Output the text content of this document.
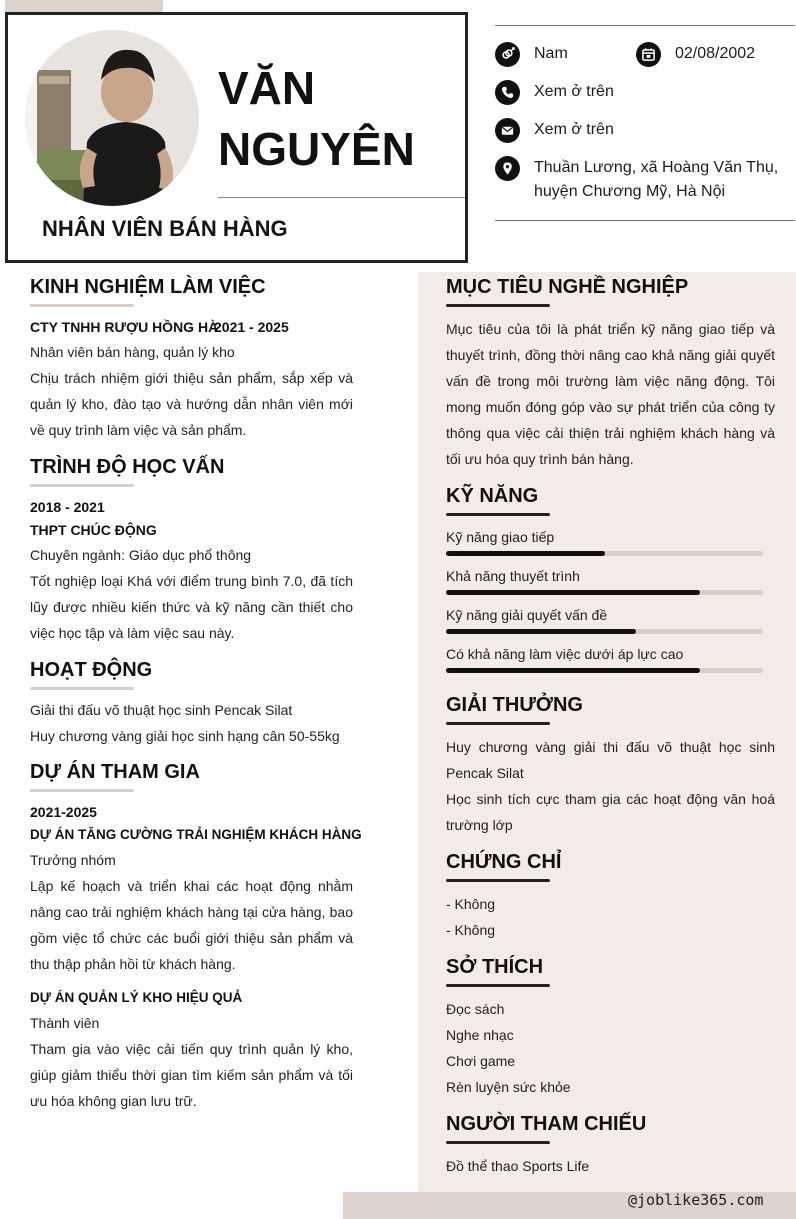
VĂN
NGUYÊN
NHÂN VIÊN BÁN HÀNG
Nam	02/08/2002
Xem ở trên
Xem ở trên
Thuần Lương, xã Hoàng Văn Thụ,
huyện Chương Mỹ, Hà Nội
KINH NGHIỆM LÀM VIỆC
CTY TNHH RƯỢU HỒNG HÀ
2021 - 2025
Nhân viên bán hàng, quản lý kho
Chịu trách nhiệm giới thiệu sản phẩm, sắp xếp và quản lý kho, đào tạo và hướng dẫn nhân viên mới về quy trình làm việc và sản phẩm.
TRÌNH ĐỘ HỌC VẤN
2018 - 2021
THPT CHÚC ĐỘNG
Chuyên ngành: Giáo dục phổ thông
Tốt nghiệp loại Khá với điểm trung bình 7.0, đã tích lũy được nhiều kiến thức và kỹ năng cần thiết cho việc học tập và làm việc sau này.
HOẠT ĐỘNG
Giải thi đấu võ thuật học sinh Pencak Silat
Huy chương vàng giải học sinh hạng cân 50-55kg
DỰ ÁN THAM GIA
2021-2025
DỰ ÁN TĂNG CƯỜNG TRẢI NGHIỆM KHÁCH HÀNG
Trưởng nhóm
Lập kế hoạch và triển khai các hoạt động nhằm nâng cao trải nghiệm khách hàng tại cửa hàng, bao gồm việc tổ chức các buổi giới thiệu sản phẩm và thu thập phản hồi từ khách hàng.
DỰ ÁN QUẢN LÝ KHO HIỆU QUẢ
Thành viên
Tham gia vào việc cải tiến quy trình quản lý kho, giúp giảm thiểu thời gian tìm kiếm sản phẩm và tối ưu hóa không gian lưu trữ.
MỤC TIÊU NGHỀ NGHIỆP
Mục tiêu của tôi là phát triển kỹ năng giao tiếp và thuyết trình, đồng thời nâng cao khả năng giải quyết vấn đề trong môi trường làm việc năng động. Tôi mong muốn đóng góp vào sự phát triển của công ty thông qua việc cải thiện trải nghiệm khách hàng và tối ưu hóa quy trình bán hàng.
KỸ NĂNG
Kỹ năng giao tiếp
Khả năng thuyết trình
Kỹ năng giải quyết vấn đề
Có khả năng làm việc dưới áp lực cao
GIẢI THƯỞNG
Huy chương vàng giải thi đấu võ thuật học sinh Pencak Silat
Học sinh tích cực tham gia các hoạt động văn hoá trường lớp
CHỨNG CHỈ
- Không
- Không
SỞ THÍCH
Đọc sách
Nghe nhạc
Chơi game
Rèn luyện sức khỏe
NGƯỜI THAM CHIẾU
Đồ thể thao Sports Life
@joblike365.com
